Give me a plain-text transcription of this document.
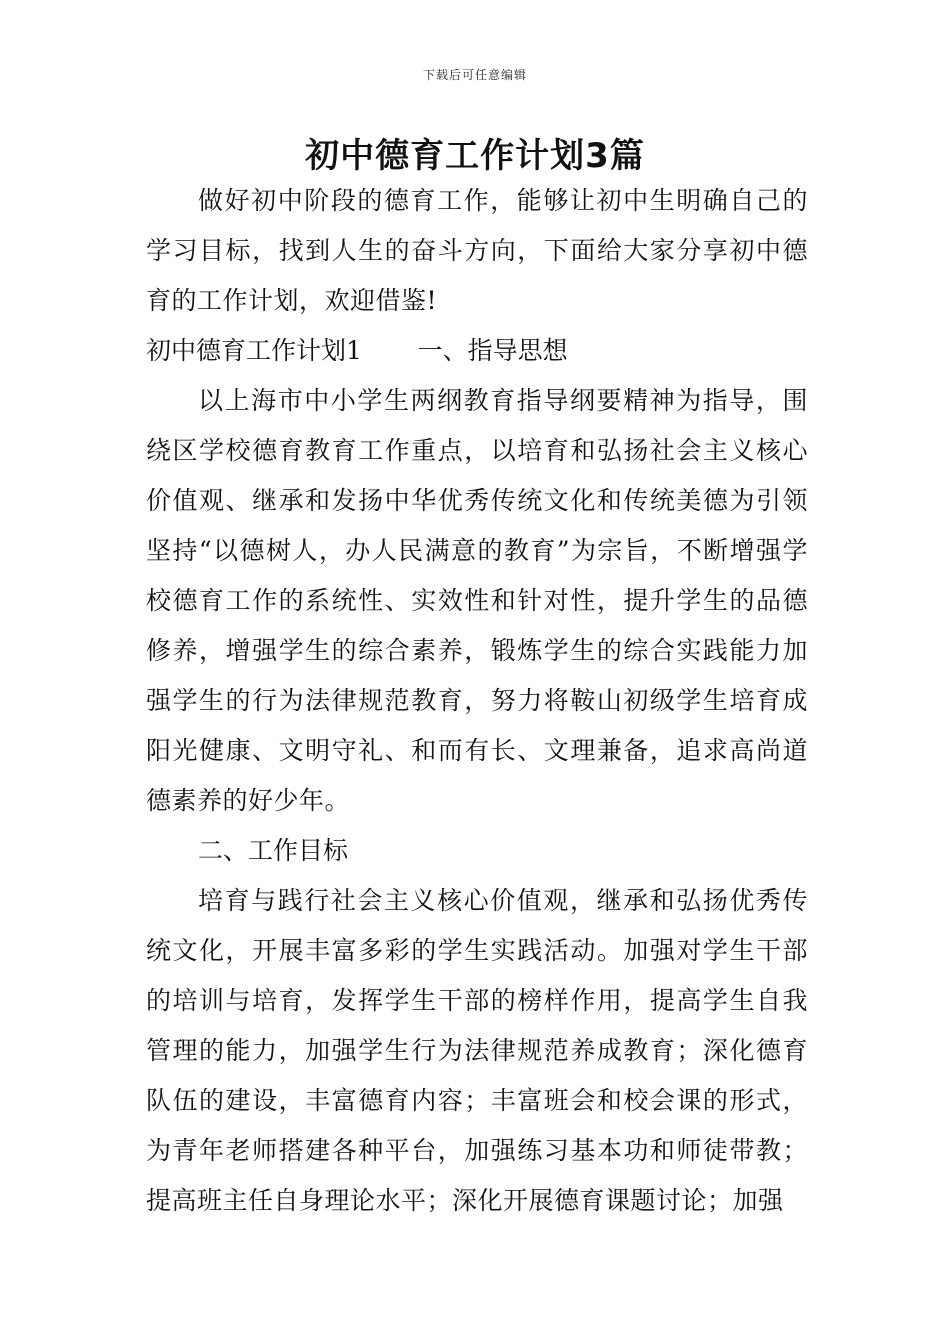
下载后可任意编辑
初中德育工作计划3篇

做好初中阶段的德育工作，能够让初中生明确自己的学习目标，找到人生的奋斗方向，下面给大家分享初中德育的工作计划，欢迎借鉴!

初中德育工作计划1 一、指导思想

以上海市中小学生两纲教育指导纲要精神为指导，围绕区学校德育教育工作重点，以培育和弘扬社会主义核心价值观、继承和发扬中华优秀传统文化和传统美德为引领坚持“以德树人，办人民满意的教育”为宗旨，不断增强学校德育工作的系统性、实效性和针对性，提升学生的品德修养，增强学生的综合素养，锻炼学生的综合实践能力加强学生的行为法律规范教育，努力将鞍山初级学生培育成阳光健康、文明守礼、和而有长、文理兼备，追求高尚道德素养的好少年。

二、工作目标

培育与践行社会主义核心价值观，继承和弘扬优秀传统文化，开展丰富多彩的学生实践活动。加强对学生干部的培训与培育，发挥学生干部的榜样作用，提高学生自我管理的能力，加强学生行为法律规范养成教育；深化德育队伍的建设，丰富德育内容；丰富班会和校会课的形式，为青年老师搭建各种平台，加强练习基本功和师徒带教；提高班主任自身理论水平；深化开展德育课题讨论；加强
